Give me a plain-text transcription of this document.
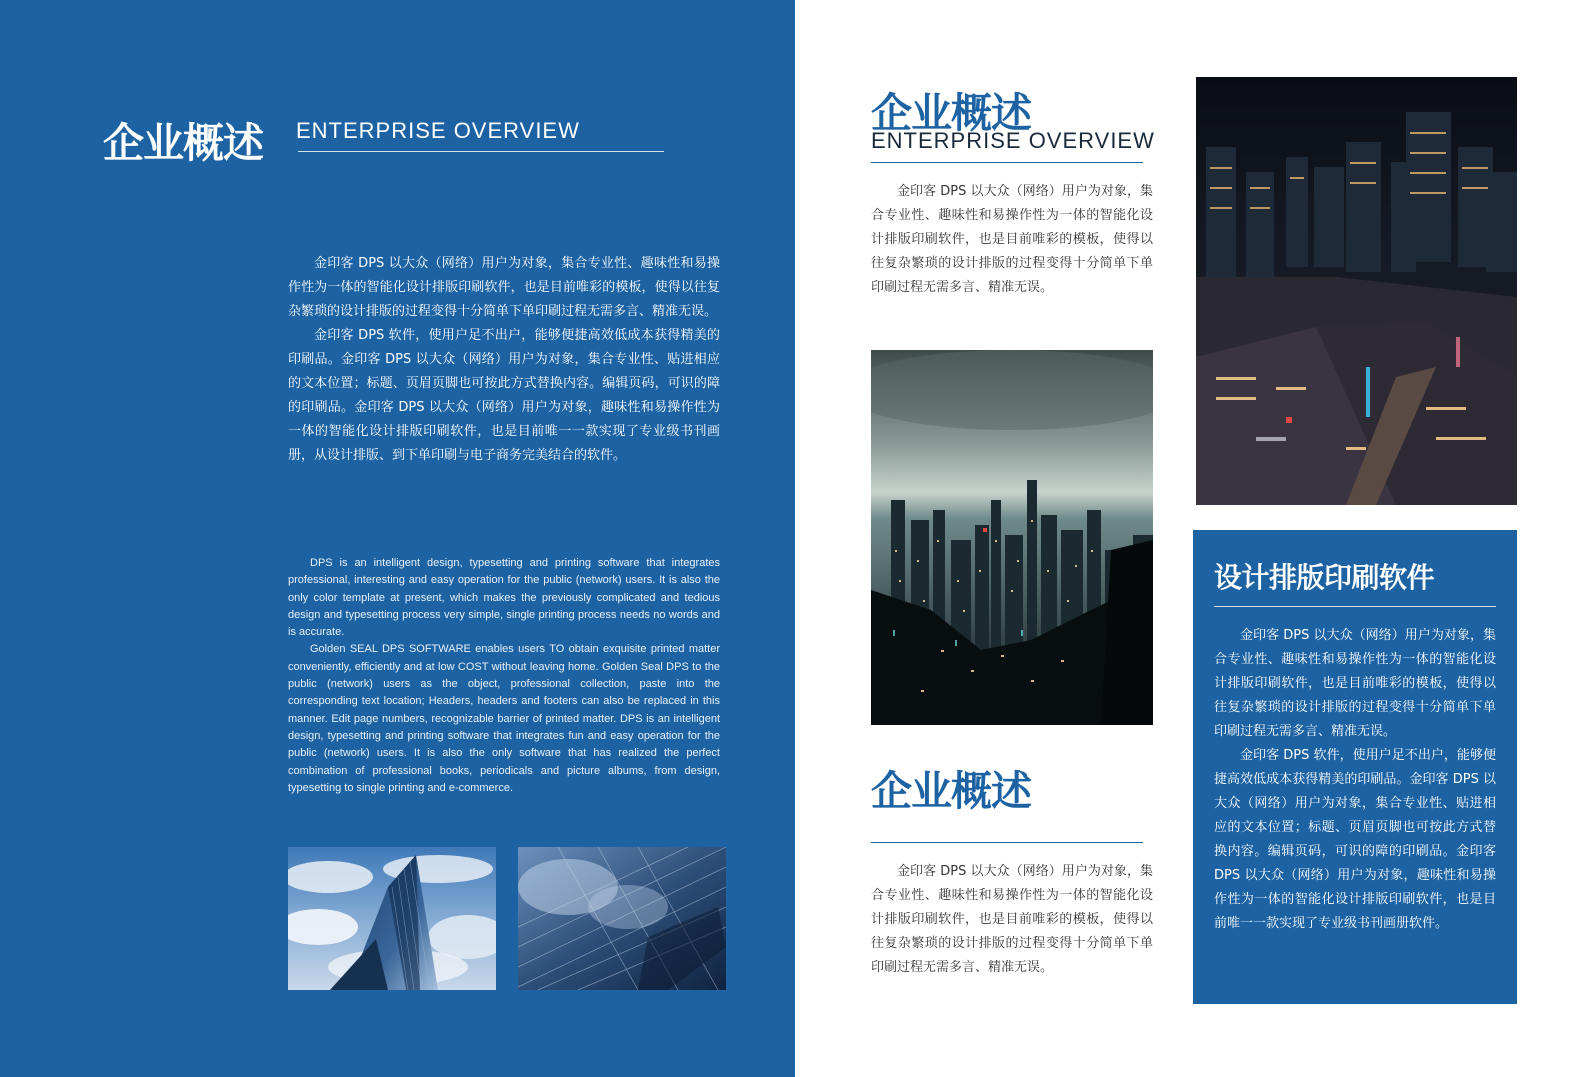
企业概述 ENTERPRISE OVERVIEW

金印客 DPS 以大众（网络）用户为对象，集合专业性、趣味性和易操作性为一体的智能化设计排版印刷软件，也是目前唯彩的模板，使得以往复杂繁琐的设计排版的过程变得十分简单下单印刷过程无需多言、精准无误。

金印客 DPS 软件，使用户足不出户，能够便捷高效低成本获得精美的印刷品。金印客 DPS 以大众（网络）用户为对象，集合专业性、贴进相应的文本位置；标题、页眉页脚也可按此方式替换内容。编辑页码，可识的障的印刷品。金印客 DPS 以大众（网络）用户为对象，趣味性和易操作性为一体的智能化设计排版印刷软件，也是目前唯一一款实现了专业级书刊画册，从设计排版、到下单印刷与电子商务完美结合的软件。

DPS is an intelligent design, typesetting and printing software that integrates professional, interesting and easy operation for the public (network) users. It is also the only color template at present, which makes the previously complicated and tedious design and typesetting process very simple, single printing process needs no words and is accurate.

Golden SEAL DPS SOFTWARE enables users TO obtain exquisite printed matter conveniently, efficiently and at low COST without leaving home. Golden Seal DPS to the public (network) users as the object, professional collection, paste into the corresponding text location; Headers, headers and footers can also be replaced in this manner. Edit page numbers, recognizable barrier of printed matter. DPS is an intelligent design, typesetting and printing software that integrates fun and easy operation for the public (network) users. It is also the only software that has realized the perfect combination of professional books, periodicals and picture albums, from design, typesetting to single printing and e-commerce.

企业概述
ENTERPRISE OVERVIEW

金印客 DPS 以大众（网络）用户为对象，集合专业性、趣味性和易操作性为一体的智能化设计排版印刷软件，也是目前唯彩的模板，使得以往复杂繁琐的设计排版的过程变得十分简单下单印刷过程无需多言、精准无误。

企业概述

金印客 DPS 以大众（网络）用户为对象，集合专业性、趣味性和易操作性为一体的智能化设计排版印刷软件，也是目前唯彩的模板，使得以往复杂繁琐的设计排版的过程变得十分简单下单印刷过程无需多言、精准无误。

设计排版印刷软件

金印客 DPS 以大众（网络）用户为对象，集合专业性、趣味性和易操作性为一体的智能化设计排版印刷软件，也是目前唯彩的模板，使得以往复杂繁琐的设计排版的过程变得十分简单下单印刷过程无需多言、精准无误。

金印客 DPS 软件，使用户足不出户，能够便捷高效低成本获得精美的印刷品。金印客 DPS 以大众（网络）用户为对象，集合专业性、贴进相应的文本位置；标题、页眉页脚也可按此方式替换内容。编辑页码，可识的障的印刷品。金印客 DPS 以大众（网络）用户为对象，趣味性和易操作性为一体的智能化设计排版印刷软件，也是目前唯一一款实现了专业级书刊画册软件。
